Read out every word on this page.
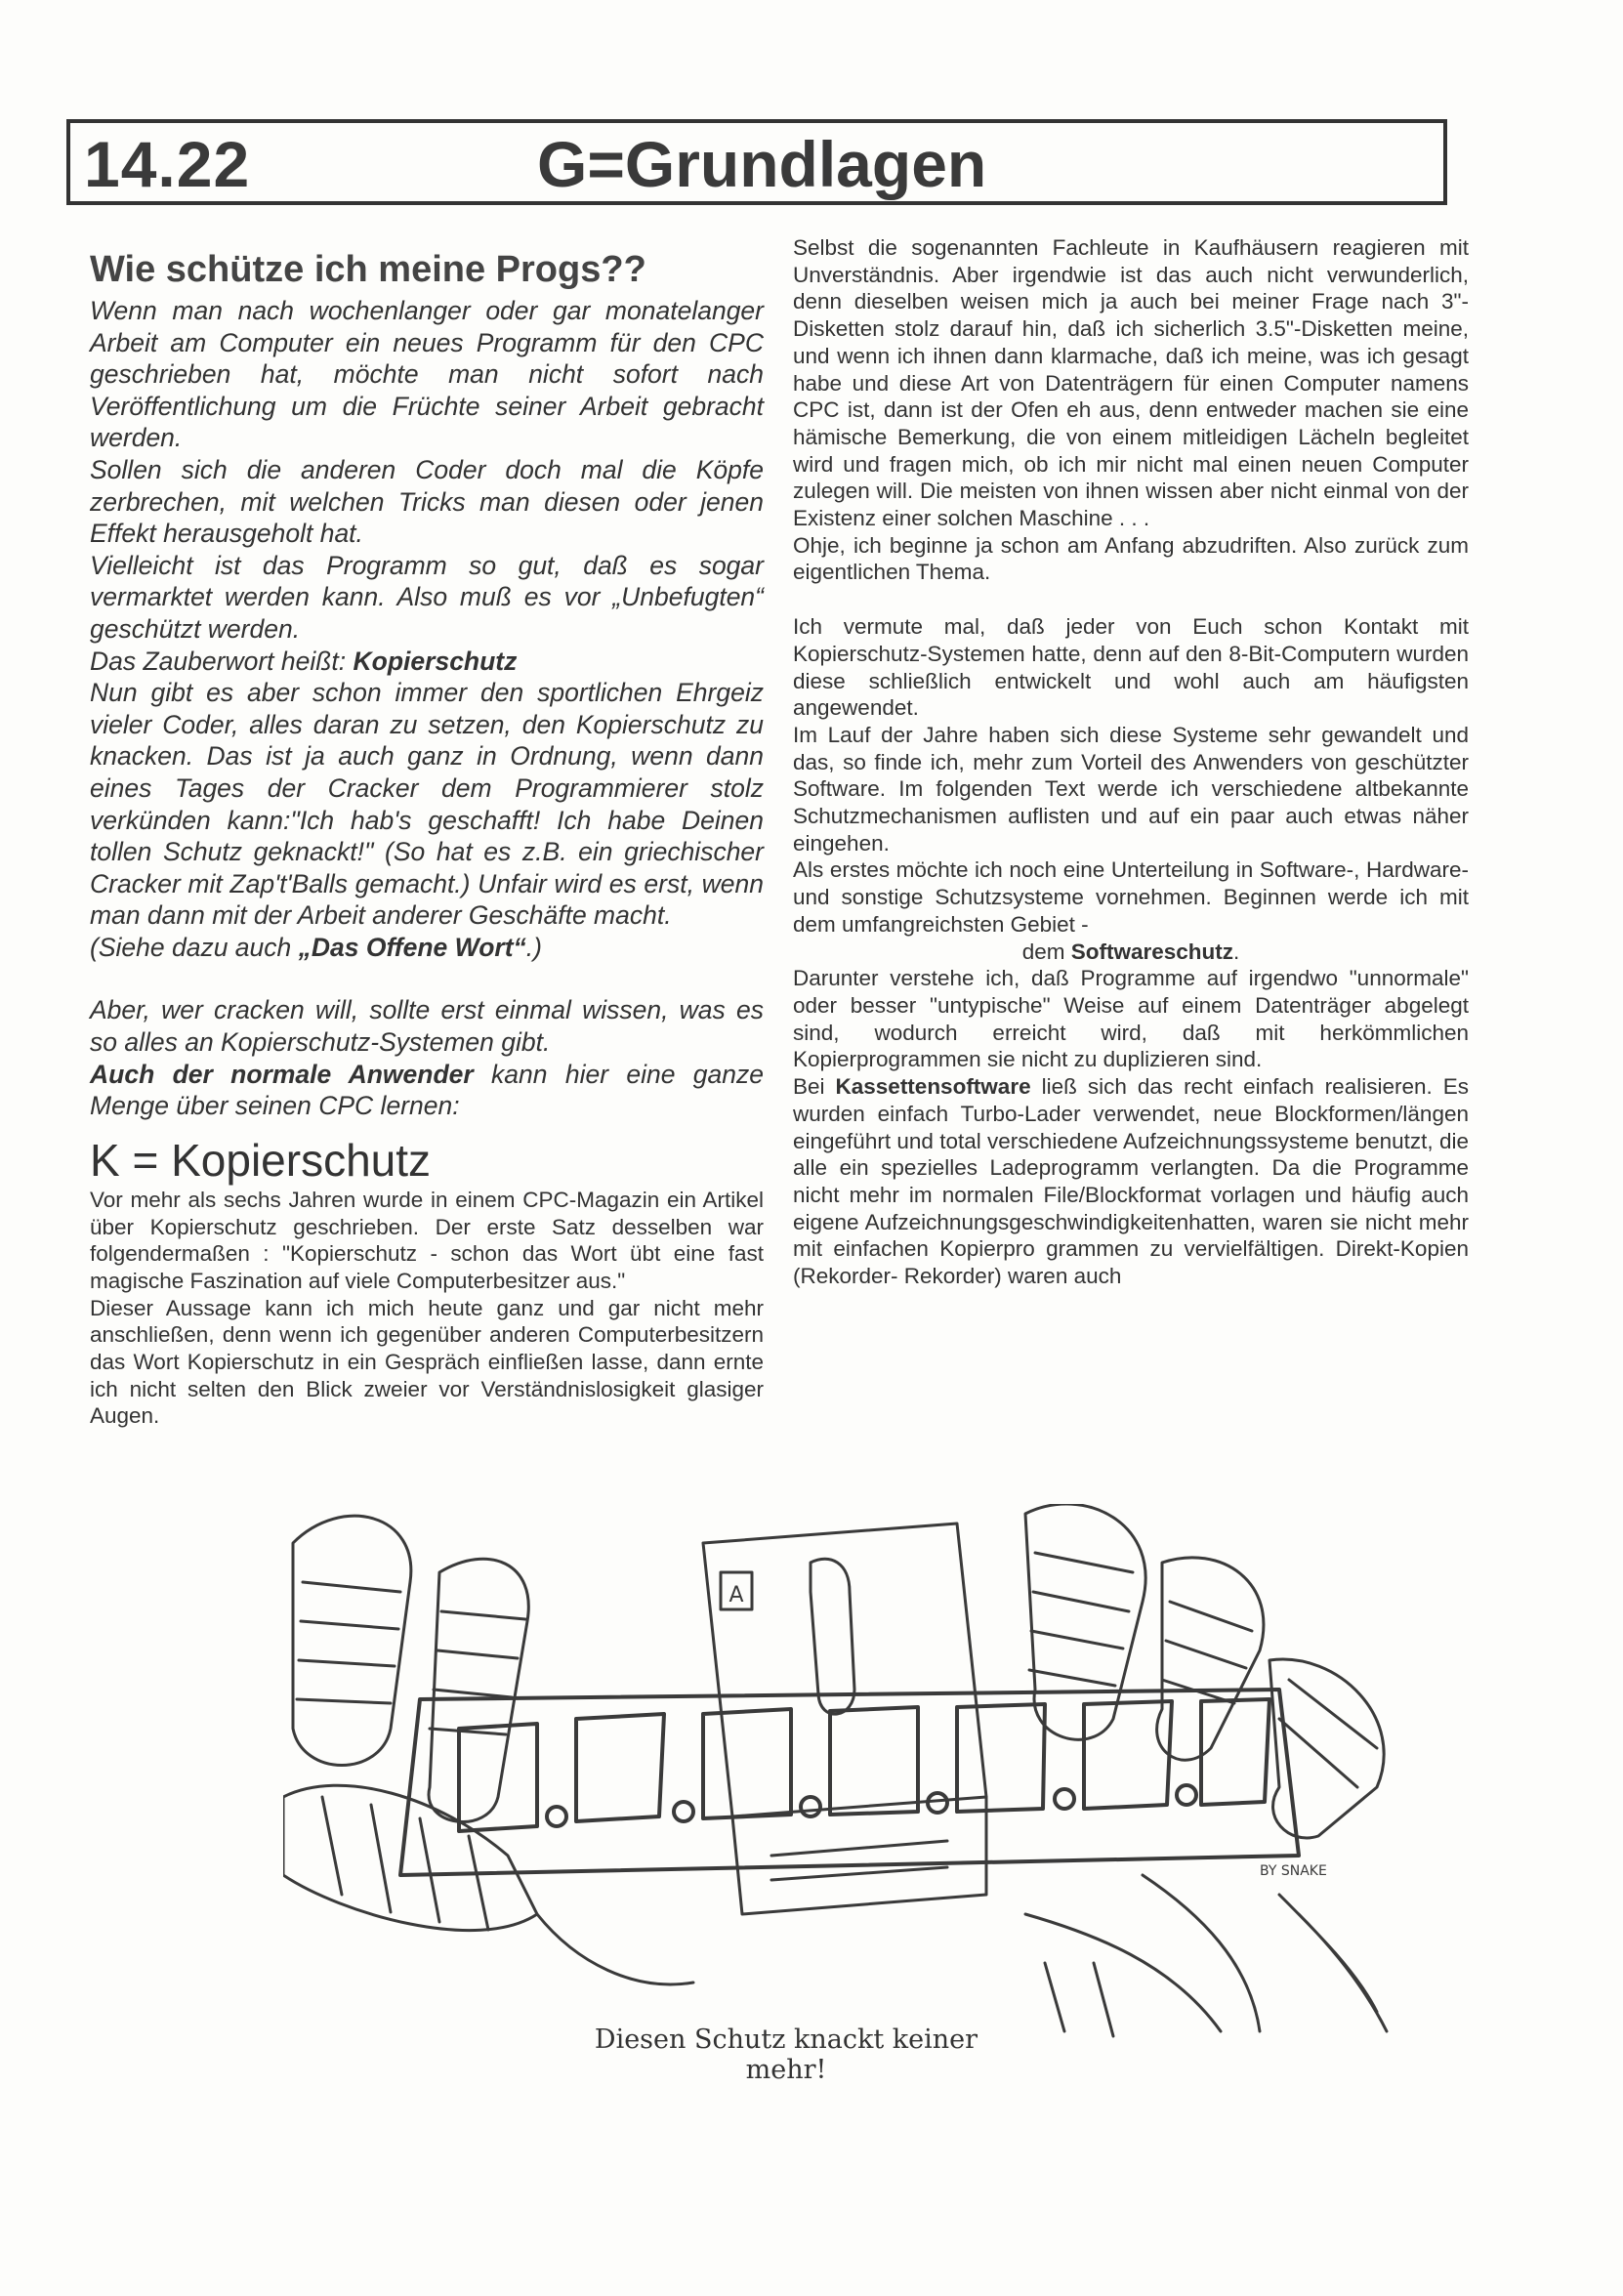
14.22	G=Grundlagen
Wie schütze ich meine Progs??

Wenn man nach wochenlanger oder gar monatelanger Arbeit am Computer ein neues Programm für den CPC geschrieben hat, möchte man nicht sofort nach Veröffentlichung um die Früchte seiner Arbeit gebracht werden.

Sollen sich die anderen Coder doch mal die Köpfe zerbrechen, mit welchen Tricks man diesen oder jenen Effekt herausgeholt hat.

Vielleicht ist das Programm so gut, daß es sogar vermarktet werden kann. Also muß es vor „Unbefugten“ geschützt werden.

Das Zauberwort heißt: Kopierschutz

Nun gibt es aber schon immer den sportlichen Ehrgeiz vieler Coder, alles daran zu setzen, den Kopierschutz zu knacken. Das ist ja auch ganz in Ordnung, wenn dann eines Tages der Cracker dem Programmierer stolz verkünden kann:"Ich hab's geschafft! Ich habe Deinen tollen Schutz geknackt!" (So hat es z.B. ein griechischer Cracker mit Zap't'Balls gemacht.) Unfair wird es erst, wenn man dann mit der Arbeit anderer Geschäfte macht.

(Siehe dazu auch „Das Offene Wort“.)

Aber, wer cracken will, sollte erst einmal wissen, was es so alles an Kopierschutz-Systemen gibt.

Auch der normale Anwender kann hier eine ganze Menge über seinen CPC lernen:

K = Kopierschutz

Vor mehr als sechs Jahren wurde in einem CPC-Magazin ein Artikel über Kopierschutz geschrieben. Der erste Satz desselben war folgendermaßen : "Kopierschutz - schon das Wort übt eine fast magische Faszination auf viele Computerbesitzer aus."

Dieser Aussage kann ich mich heute ganz und gar nicht mehr anschließen, denn wenn ich gegenüber anderen Computerbesitzern das Wort Kopierschutz in ein Gespräch einfließen lasse, dann ernte ich nicht selten den Blick zweier vor Verständnislosigkeit glasiger Augen.

Selbst die sogenannten Fachleute in Kaufhäusern reagieren mit Unverständnis. Aber irgendwie ist das auch nicht verwunderlich, denn dieselben weisen mich ja auch bei meiner Frage nach 3"-Disketten stolz darauf hin, daß ich sicherlich 3.5"-Disketten meine, und wenn ich ihnen dann klarmache, daß ich meine, was ich gesagt habe und diese Art von Datenträgern für einen Computer namens CPC ist, dann ist der Ofen eh aus, denn entweder machen sie eine hämische Bemerkung, die von einem mitleidigen Lächeln begleitet wird und fragen mich, ob ich mir nicht mal einen neuen Computer zulegen will. Die meisten von ihnen wissen aber nicht einmal von der Existenz einer solchen Maschine . . .

Ohje, ich beginne ja schon am Anfang abzudriften. Also zurück zum eigentlichen Thema.

Ich vermute mal, daß jeder von Euch schon Kontakt mit Kopierschutz-Systemen hatte, denn auf den 8-Bit-Computern wurden diese schließlich entwickelt und wohl auch am häufigsten angewendet.

Im Lauf der Jahre haben sich diese Systeme sehr gewandelt und das, so finde ich, mehr zum Vorteil des Anwenders von geschützter Software. Im folgenden Text werde ich verschiedene altbekannte Schutzmechanismen auflisten und auf ein paar auch etwas näher eingehen.

Als erstes möchte ich noch eine Unterteilung in Software-, Hardware- und sonstige Schutzsysteme vornehmen. Beginnen werde ich mit dem umfangreichsten Gebiet -

dem Softwareschutz.

Darunter verstehe ich, daß Programme auf irgendwo "unnormale" oder besser "untypische" Weise auf einem Datenträger abgelegt sind, wodurch erreicht wird, daß mit herkömmlichen Kopierprogrammen sie nicht zu duplizieren sind.

Bei Kassettensoftware ließ sich das recht einfach realisieren. Es wurden einfach Turbo-Lader verwendet, neue Blockformen/längen eingeführt und total verschiedene Aufzeichnungssysteme benutzt, die alle ein spezielles Ladeprogramm verlangten. Da die Programme nicht mehr im normalen File/Blockformat vorlagen und häufig auch eigene Aufzeichnungsgeschwindigkeitenhatten, waren sie nicht mehr mit einfachen Kopierpro grammen zu vervielfältigen. Direkt-Kopien (Rekorder- Rekorder) waren auch

BY SNAKE
A
Diesen Schutz knackt keiner mehr!
